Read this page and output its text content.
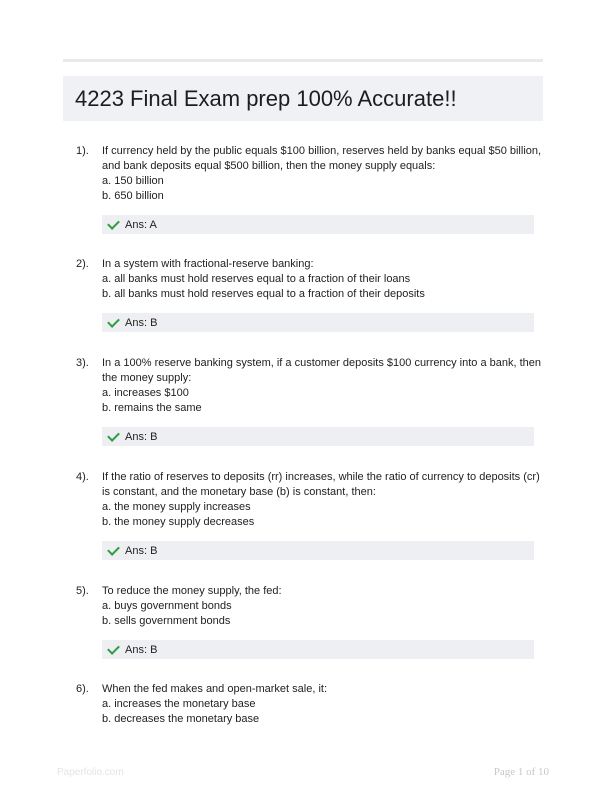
4223 Final Exam prep 100% Accurate!!
1). If currency held by the public equals $100 billion, reserves held by banks equal $50 billion,

and bank deposits equal $500 billion, then the money supply equals:

a. 150 billion

b. 650 billion

Ans: A
2). In a system with fractional-reserve banking:

a. all banks must hold reserves equal to a fraction of their loans

b. all banks must hold reserves equal to a fraction of their deposits

Ans: B
3). In a 100% reserve banking system, if a customer deposits $100 currency into a bank, then

the money supply:

a. increases $100

b. remains the same

Ans: B
4). If the ratio of reserves to deposits (rr) increases, while the ratio of currency to deposits (cr)

is constant, and the monetary base (b) is constant, then:

a. the money supply increases

b. the money supply decreases

Ans: B
5). To reduce the money supply, the fed:

a. buys government bonds

b. sells government bonds

Ans: B
6). When the fed makes and open-market sale, it:

a. increases the monetary base

b. decreases the monetary base

Paperfolio.com	Page 1 of 10
